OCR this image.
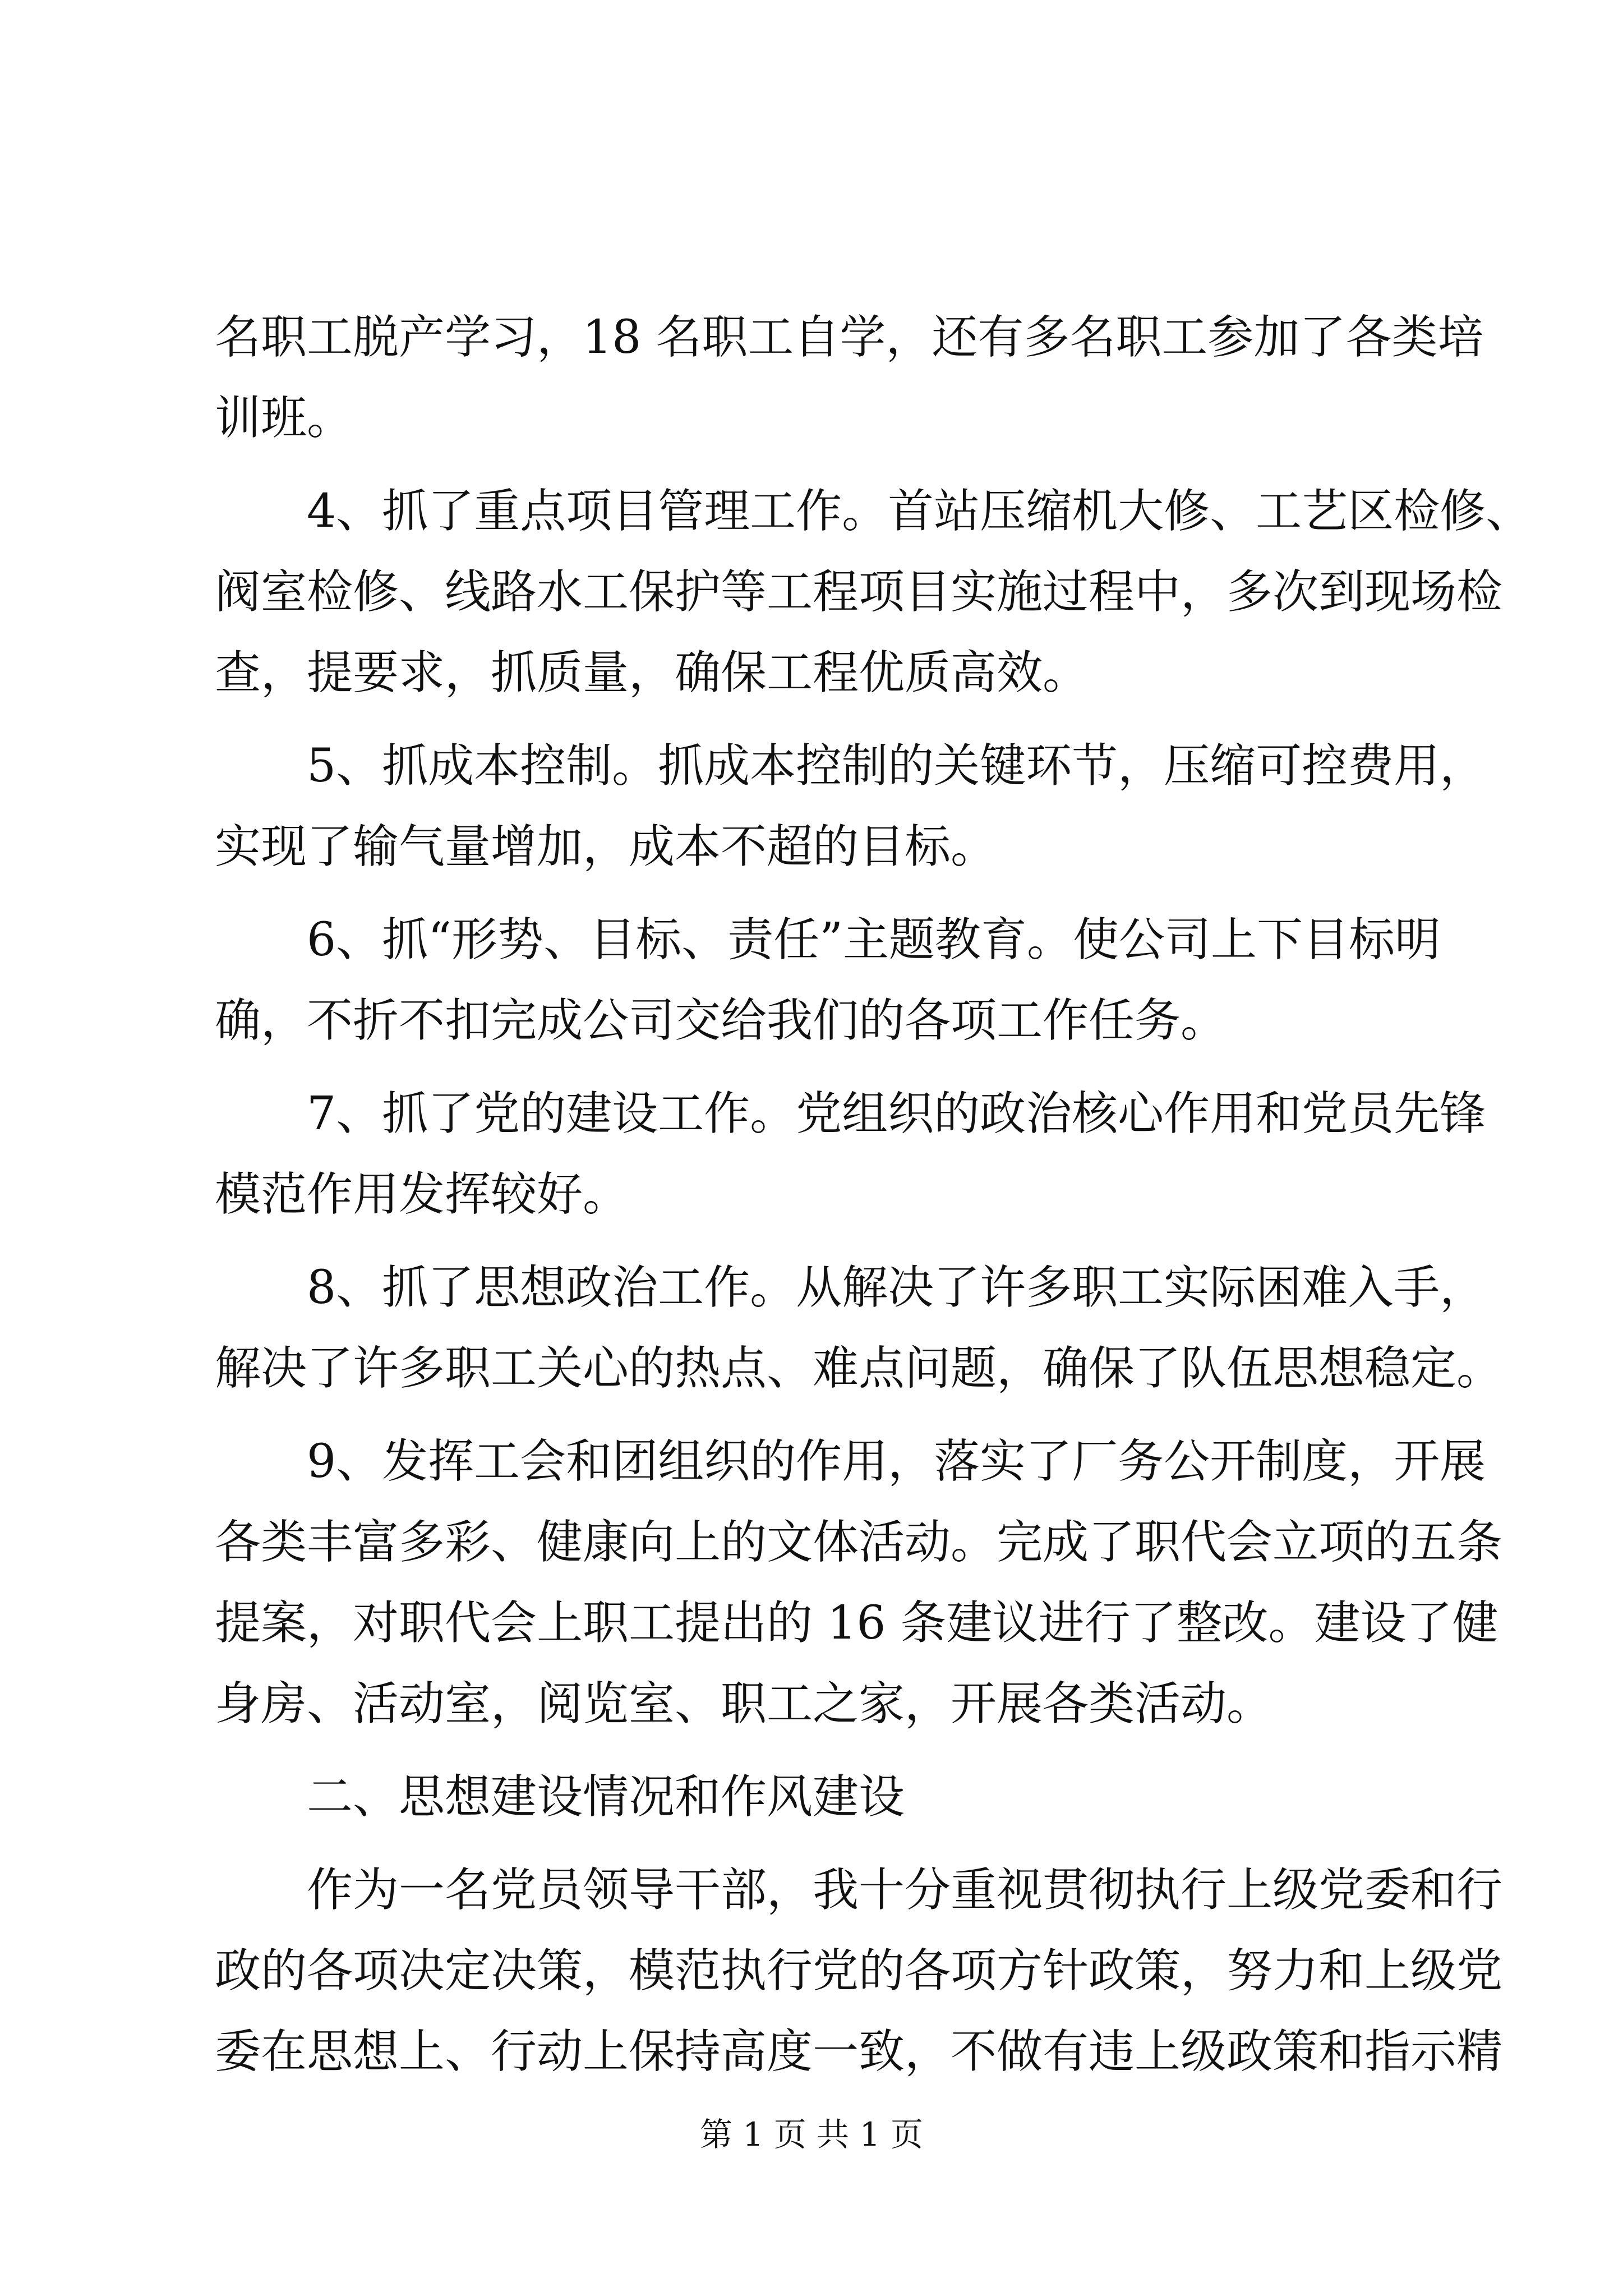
名职工脱产学习，18 名职工自学，还有多名职工参加了各类培
训班。
4、抓了重点项目管理工作。首站压缩机大修、工艺区检修、
阀室检修、线路水工保护等工程项目实施过程中，多次到现场检
查，提要求，抓质量，确保工程优质高效。
5、抓成本控制。抓成本控制的关键环节，压缩可控费用，
实现了输气量增加，成本不超的目标。
6、抓“形势、目标、责任”主题教育。使公司上下目标明
确，不折不扣完成公司交给我们的各项工作任务。
7、抓了党的建设工作。党组织的政治核心作用和党员先锋
模范作用发挥较好。
8、抓了思想政治工作。从解决了许多职工实际困难入手，
解决了许多职工关心的热点、难点问题，确保了队伍思想稳定。
9、发挥工会和团组织的作用，落实了厂务公开制度，开展
各类丰富多彩、健康向上的文体活动。完成了职代会立项的五条
提案，对职代会上职工提出的 16 条建议进行了整改。建设了健
身房、活动室，阅览室、职工之家，开展各类活动。
二、思想建设情况和作风建设
作为一名党员领导干部，我十分重视贯彻执行上级党委和行
政的各项决定决策，模范执行党的各项方针政策，努力和上级党
委在思想上、行动上保持高度一致，不做有违上级政策和指示精
第 1 页 共 1 页
